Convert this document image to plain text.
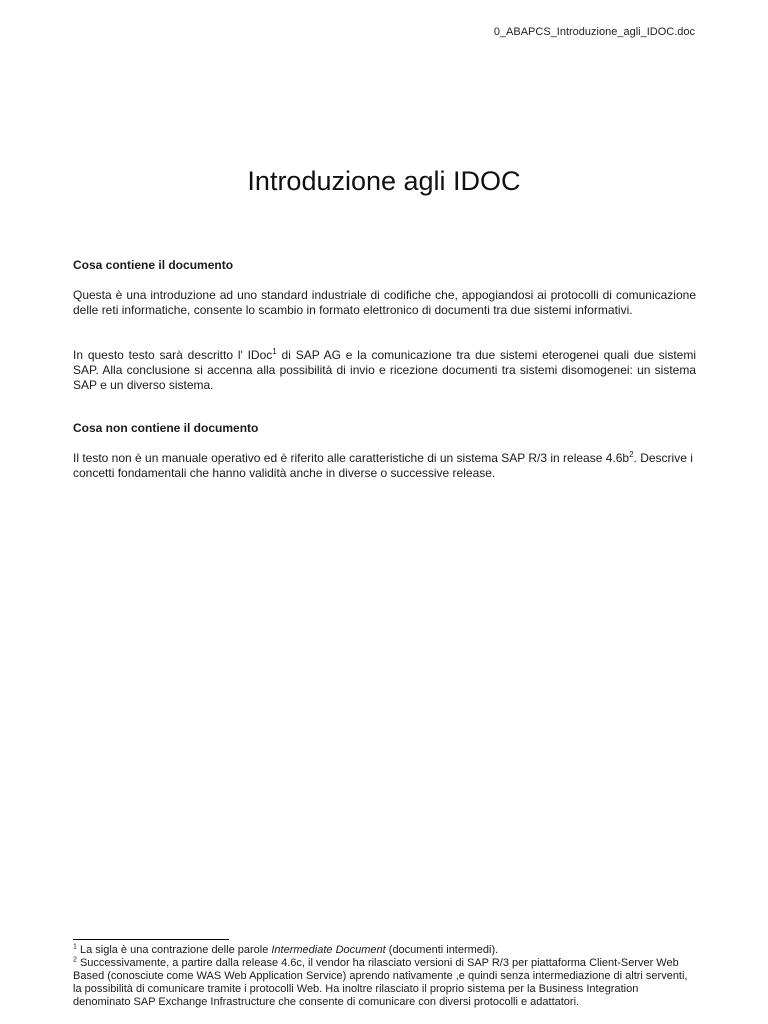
0_ABAPCS_Introduzione_agli_IDOC.doc
Introduzione agli IDOC

Cosa contiene il documento

Questa è una introduzione ad uno standard industriale di codifiche che, appogiandosi ai protocolli di comunicazione delle reti informatiche, consente lo scambio in formato elettronico di documenti tra due sistemi informativi.

In questo testo sarà descritto l' IDoc$^1$ di SAP AG e la comunicazione tra due sistemi eterogenei quali due sistemi SAP. Alla conclusione si accenna alla possibilità di invio e ricezione documenti tra sistemi disomogenei: un sistema SAP e un diverso sistema.

Cosa non contiene il documento

Il testo non è un manuale operativo ed è riferito alle caratteristiche di un sistema SAP R/3 in release $4.6b^2$. Descrive i concetti fondamentali che hanno validità anche in diverse o successive release.

$^1$ La sigla è una contrazione delle parole Intermediate Document (documenti intermedi).

$^2$ Successivamente, a partire dalla release 4.6c, il vendor ha rilasciato versioni di SAP R/3 per piattaforma Client-Server Web Based (conosciute come WAS Web Application Service) aprendo nativamente ,e quindi senza intermediazione di altri serventi, la possibilità di comunicare tramite i protocolli Web. Ha inoltre rilasciato il proprio sistema per la Business Integration denominato SAP Exchange Infrastructure che consente di comunicare con diversi protocolli e adattatori.
